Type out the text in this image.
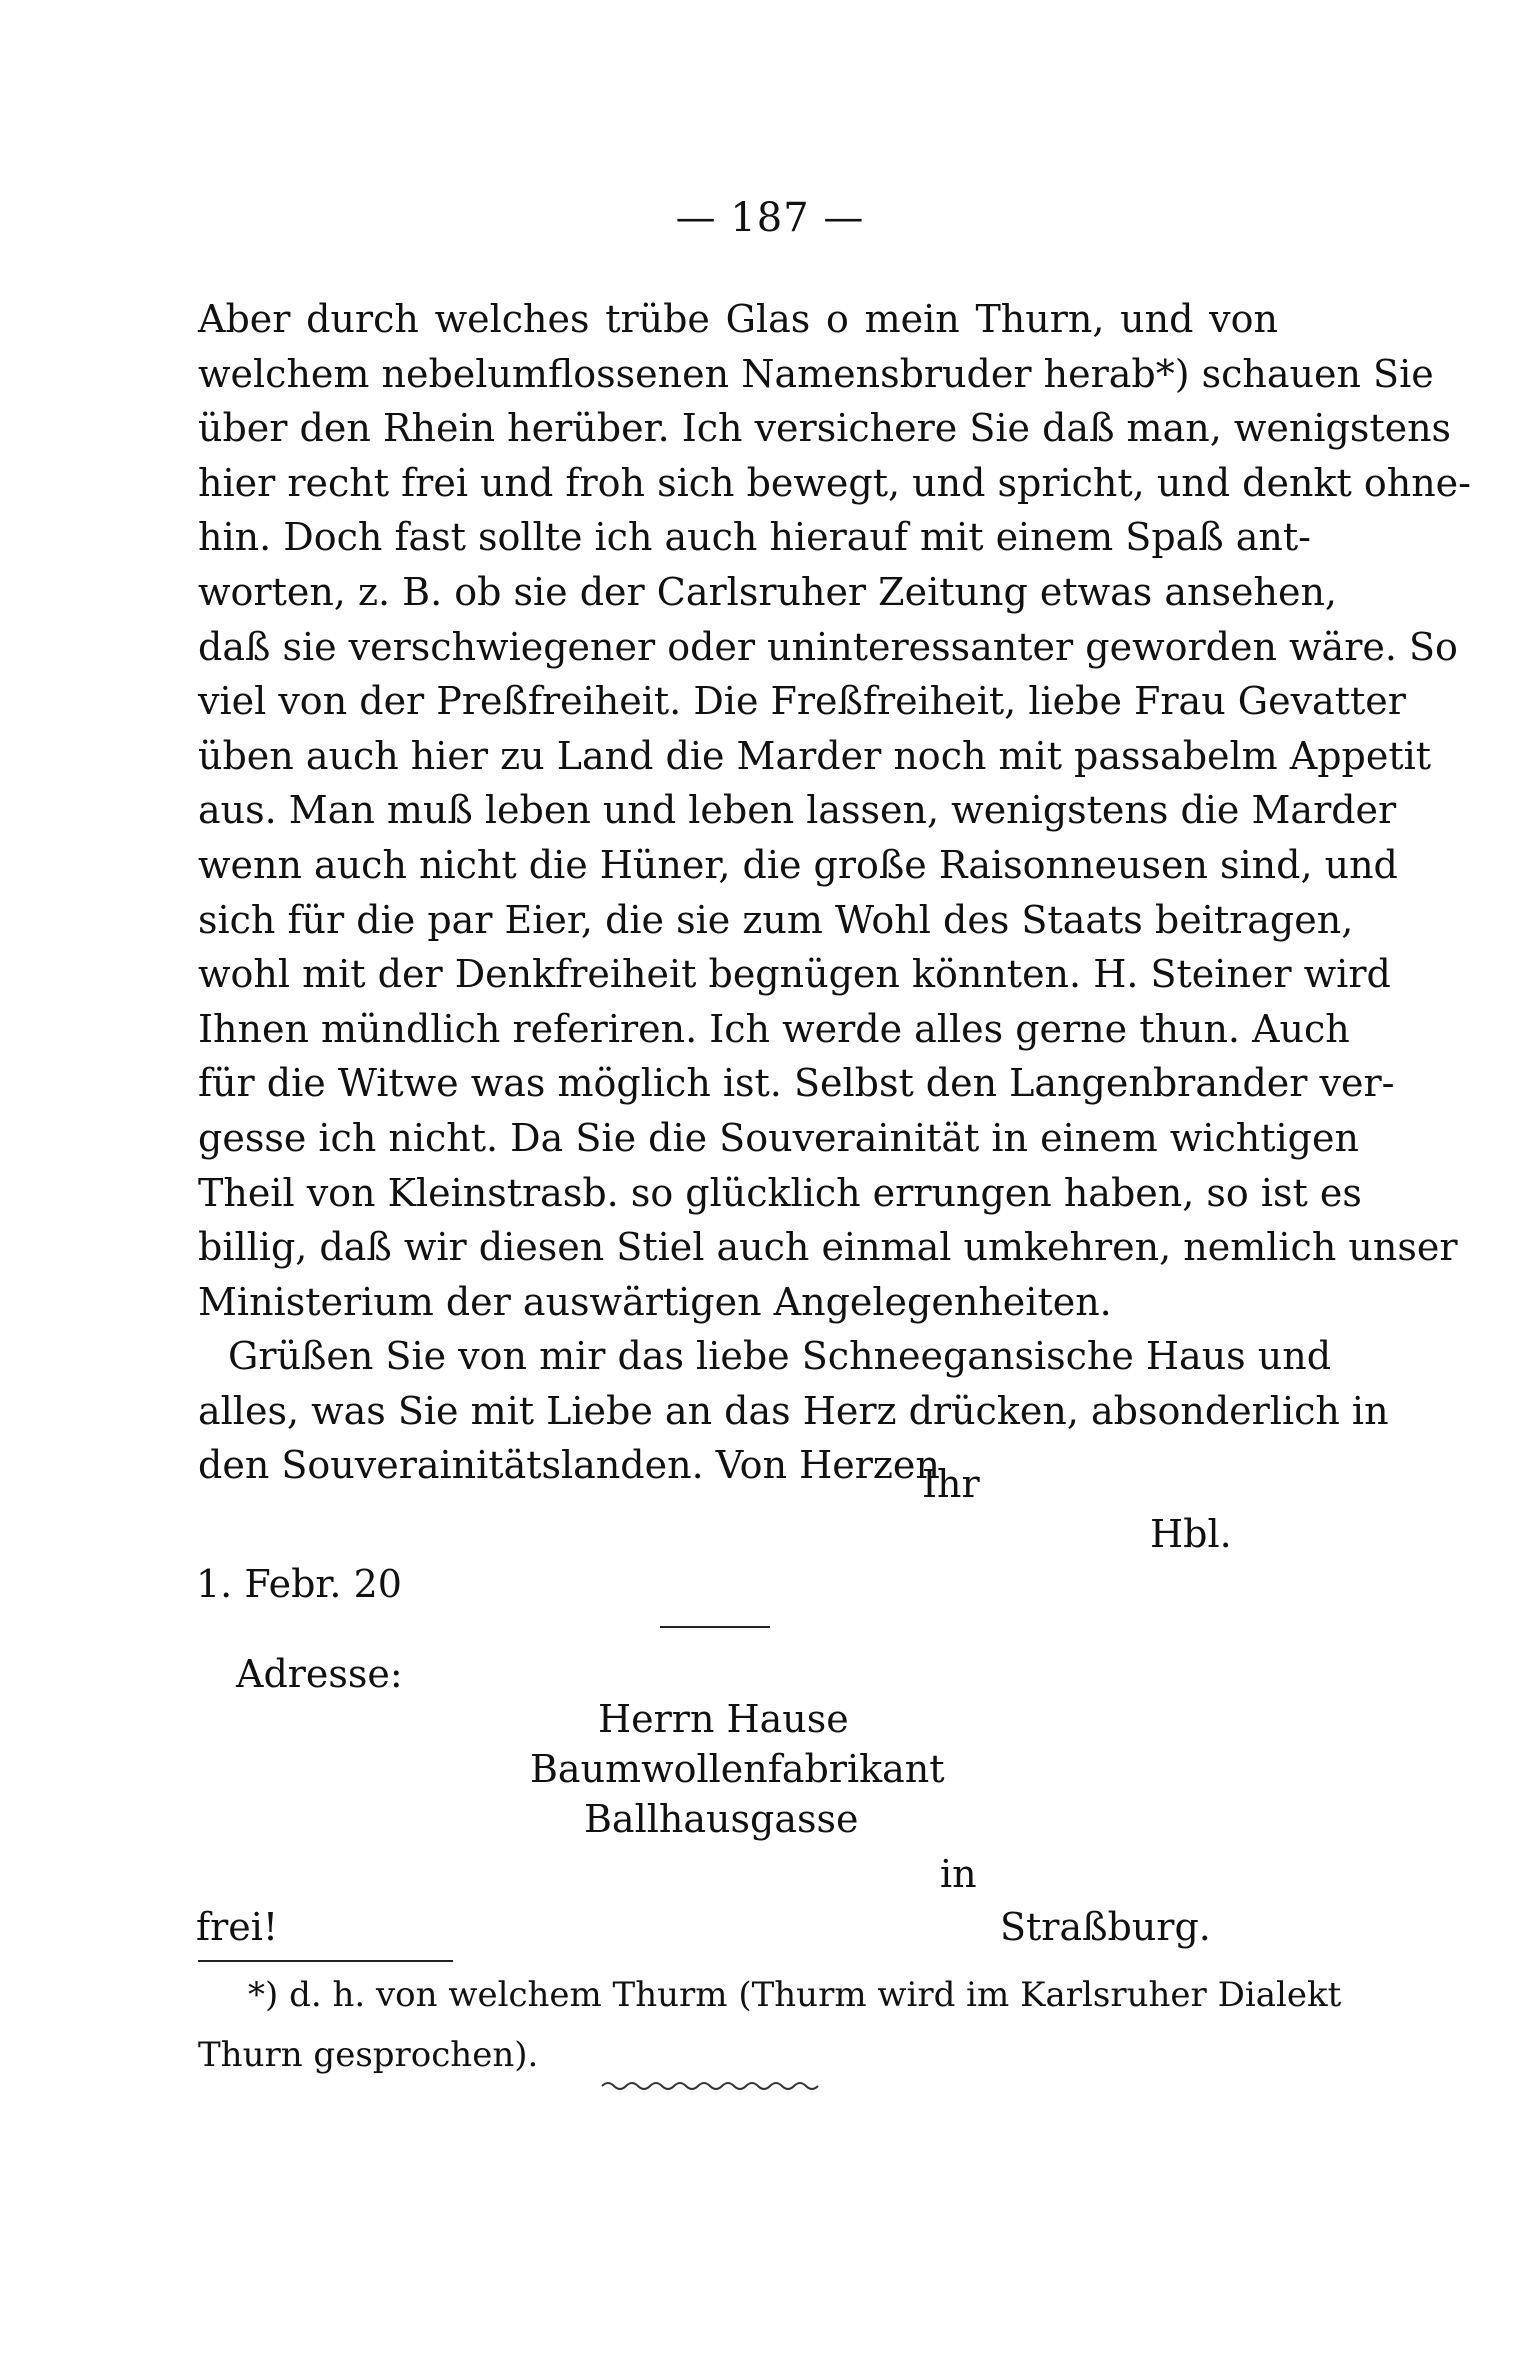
— 187 —
Aber durch welches trübe Glas o mein Thurn, und von
welchem nebelumflossenen Namensbruder herab*) schauen Sie
über den Rhein herüber. Ich versichere Sie daß man, wenigstens
hier recht frei und froh sich bewegt, und spricht, und denkt ohne-
hin. Doch fast sollte ich auch hierauf mit einem Spaß ant-
worten, z. B. ob sie der Carlsruher Zeitung etwas ansehen,
daß sie verschwiegener oder uninteressanter geworden wäre. So
viel von der Preßfreiheit. Die Freßfreiheit, liebe Frau Gevatter
üben auch hier zu Land die Marder noch mit passabelm Appetit
aus. Man muß leben und leben lassen, wenigstens die Marder
wenn auch nicht die Hüner, die große Raisonneusen sind, und
sich für die par Eier, die sie zum Wohl des Staats beitragen,
wohl mit der Denkfreiheit begnügen könnten. H. Steiner wird
Ihnen mündlich referiren. Ich werde alles gerne thun. Auch
für die Witwe was möglich ist. Selbst den Langenbrander ver-
gesse ich nicht. Da Sie die Souverainität in einem wichtigen
Theil von Kleinstrasb. so glücklich errungen haben, so ist es
billig, daß wir diesen Stiel auch einmal umkehren, nemlich unser
Ministerium der auswärtigen Angelegenheiten.
Grüßen Sie von mir das liebe Schneegansische Haus und
alles, was Sie mit Liebe an das Herz drücken, absonderlich in
den Souverainitätslanden. Von Herzen
Ihr
Hbl.
1. Febr. 20
Adresse:
Herrn Hause
Baumwollenfabrikant
Ballhausgasse
in
Straßburg.
frei!
*) d. h. von welchem Thurm (Thurm wird im Karlsruher Dialekt
Thurn gesprochen).
